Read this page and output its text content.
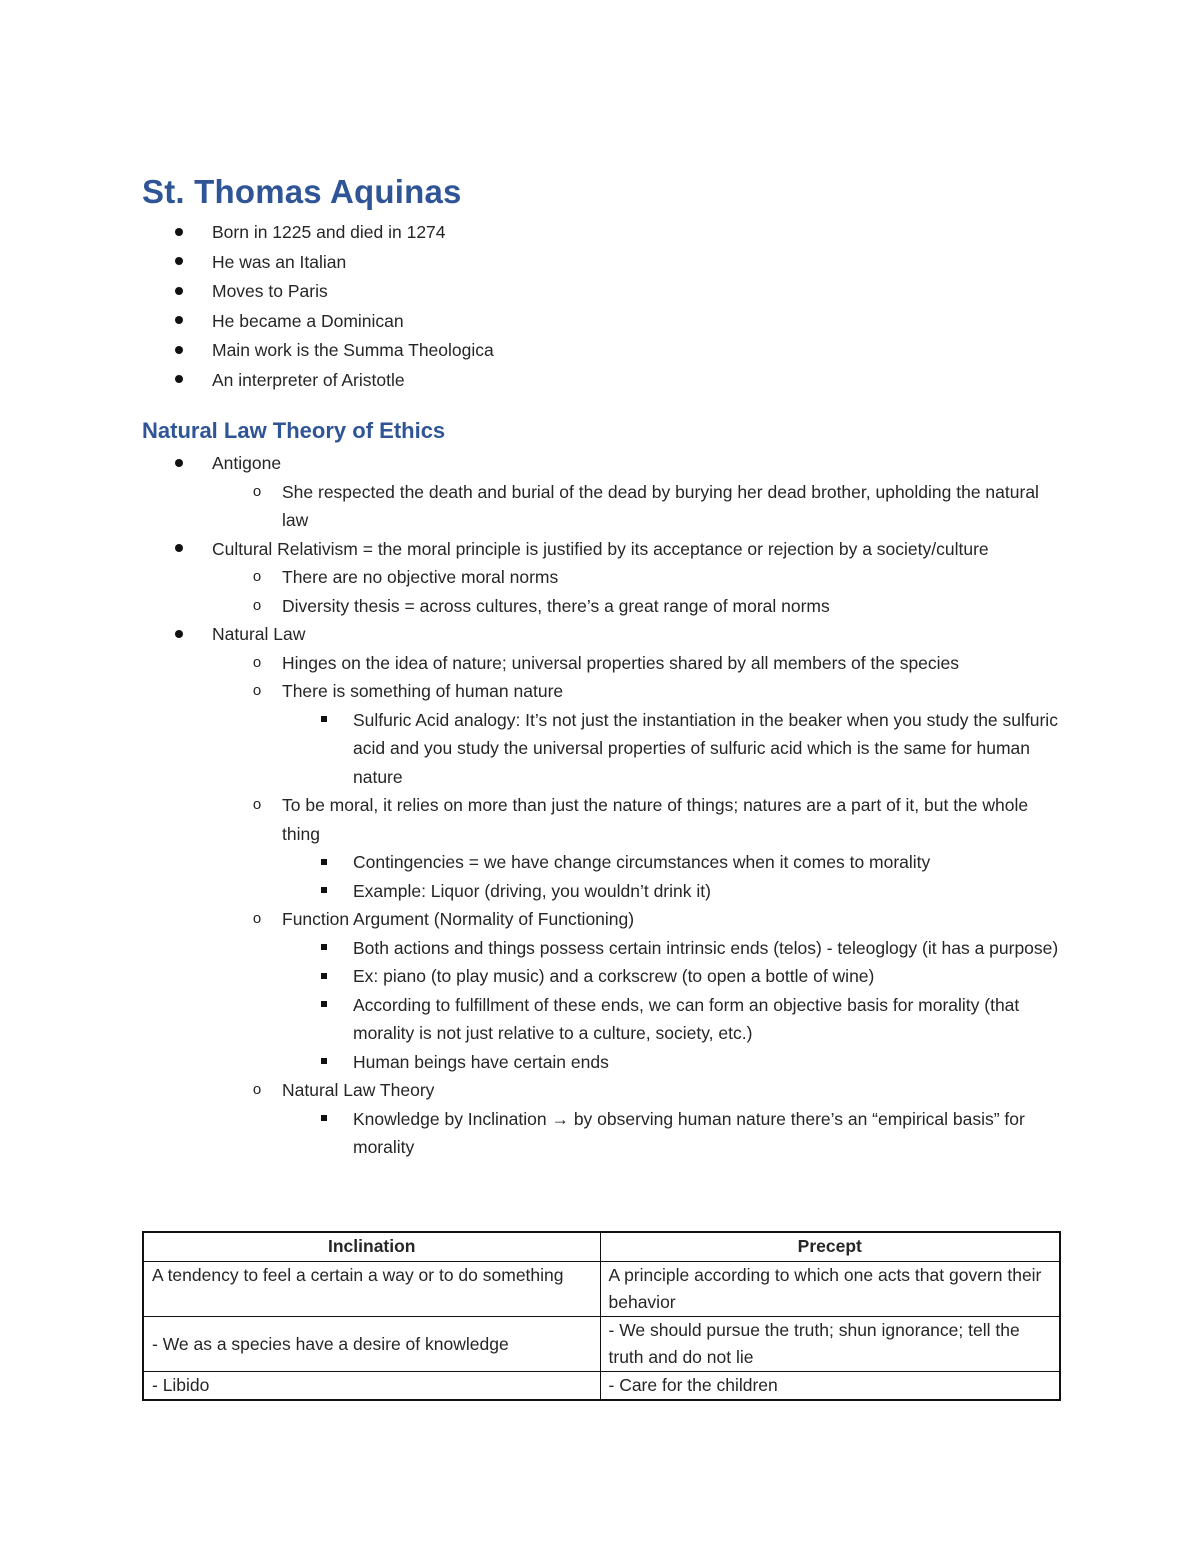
St. Thomas Aquinas
Born in 1225 and died in 1274
He was an Italian
Moves to Paris
He became a Dominican
Main work is the Summa Theologica
An interpreter of Aristotle
Natural Law Theory of Ethics
Antigone
o She respected the death and burial of the dead by burying her dead brother, upholding the natural law
Cultural Relativism = the moral principle is justified by its acceptance or rejection by a society/culture
o There are no objective moral norms
o Diversity thesis = across cultures, there’s a great range of moral norms
Natural Law
o Hinges on the idea of nature; universal properties shared by all members of the species
o There is something of human nature
Sulfuric Acid analogy: It’s not just the instantiation in the beaker when you study the sulfuric acid and you study the universal properties of sulfuric acid which is the same for human nature
o To be moral, it relies on more than just the nature of things; natures are a part of it, but the whole thing
Contingencies = we have change circumstances when it comes to morality
Example: Liquor (driving, you wouldn’t drink it)
o Function Argument (Normality of Functioning)
Both actions and things possess certain intrinsic ends (telos) - teleoglogy (it has a purpose)
Ex: piano (to play music) and a corkscrew (to open a bottle of wine)
According to fulfillment of these ends, we can form an objective basis for morality (that morality is not just relative to a culture, society, etc.)
Human beings have certain ends
o Natural Law Theory
Knowledge by Inclination → by observing human nature there’s an “empirical basis” for morality
Inclination	Precept
A tendency to feel a certain a way or to do something	A principle according to which one acts that govern their behavior
- We as a species have a desire of knowledge	- We should pursue the truth; shun ignorance; tell the truth and do not lie
- Libido	- Care for the children
